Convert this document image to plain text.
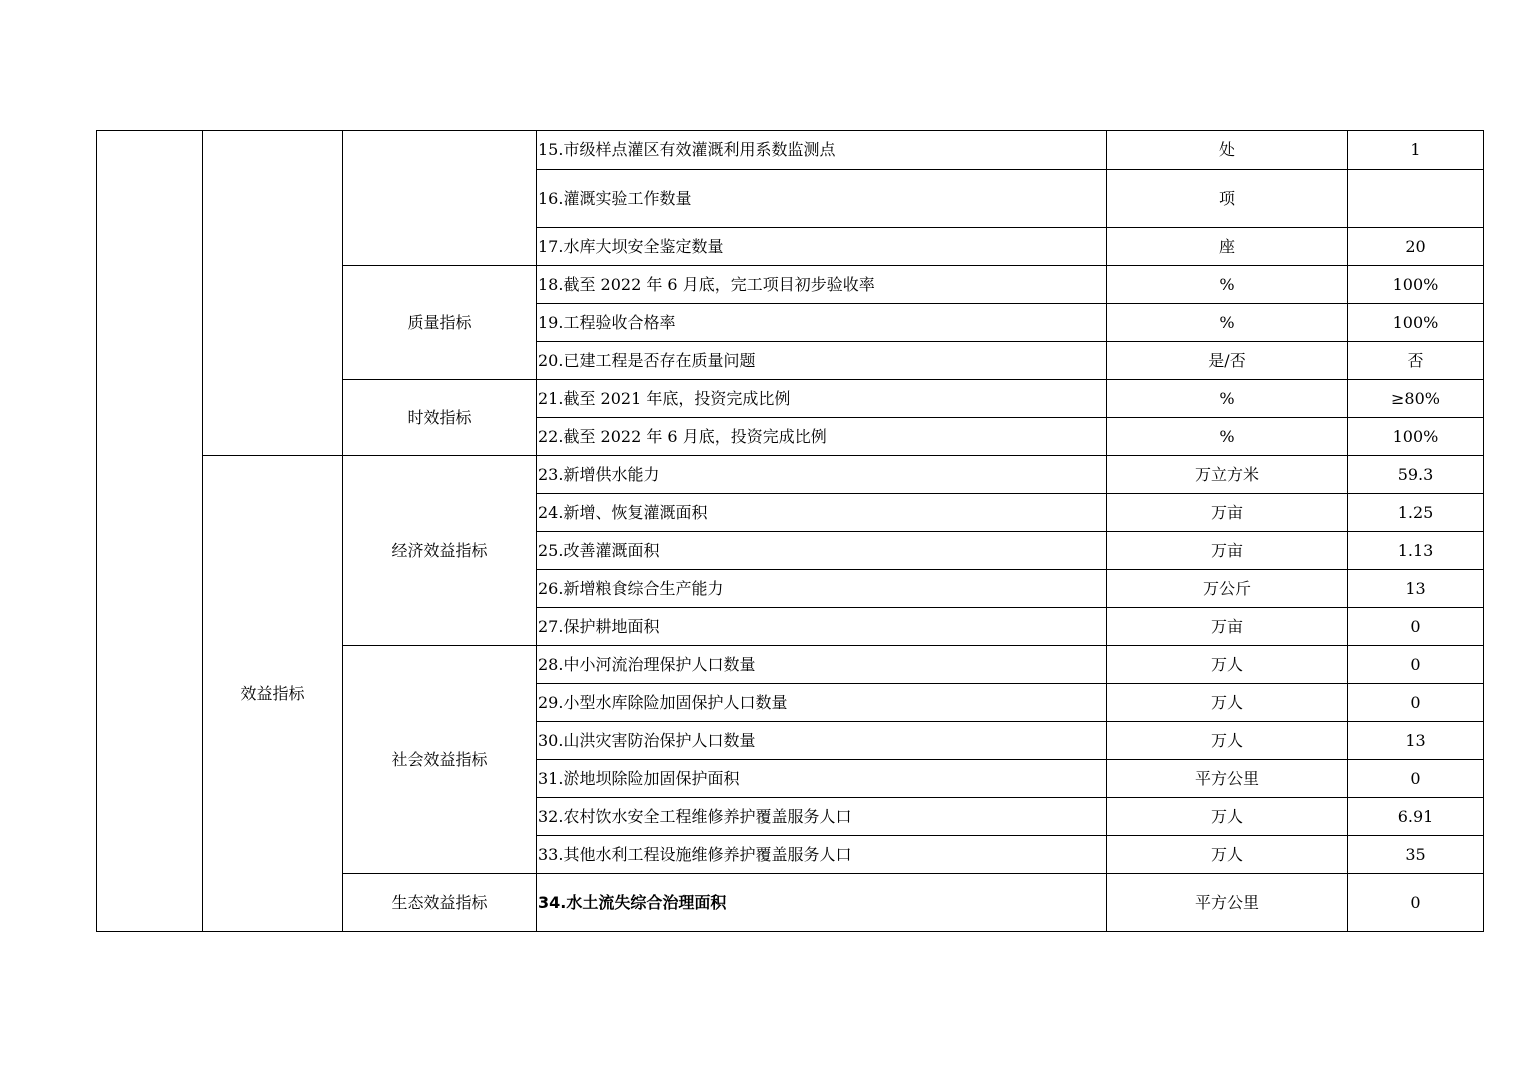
			15.市级样点灌区有效灌溉利用系数监测点	处	1
			16.灌溉实验工作数量	项	
			17.水库大坝安全鉴定数量	座	20
		质量指标	18.截至 2022 年 6 月底，完工项目初步验收率	%	100%
			19.工程验收合格率	%	100%
			20.已建工程是否存在质量问题	是/否	否
		时效指标	21.截至 2021 年底，投资完成比例	%	≥80%
			22.截至 2022 年 6 月底，投资完成比例	%	100%
	效益指标	经济效益指标	23.新增供水能力	万立方米	59.3
			24.新增、恢复灌溉面积	万亩	1.25
			25.改善灌溉面积	万亩	1.13
			26.新增粮食综合生产能力	万公斤	13
			27.保护耕地面积	万亩	0
		社会效益指标	28.中小河流治理保护人口数量	万人	0
			29.小型水库除险加固保护人口数量	万人	0
			30.山洪灾害防治保护人口数量	万人	13
			31.淤地坝除险加固保护面积	平方公里	0
			32.农村饮水安全工程维修养护覆盖服务人口	万人	6.91
			33.其他水利工程设施维修养护覆盖服务人口	万人	35
		生态效益指标	34.水土流失综合治理面积	平方公里	0
